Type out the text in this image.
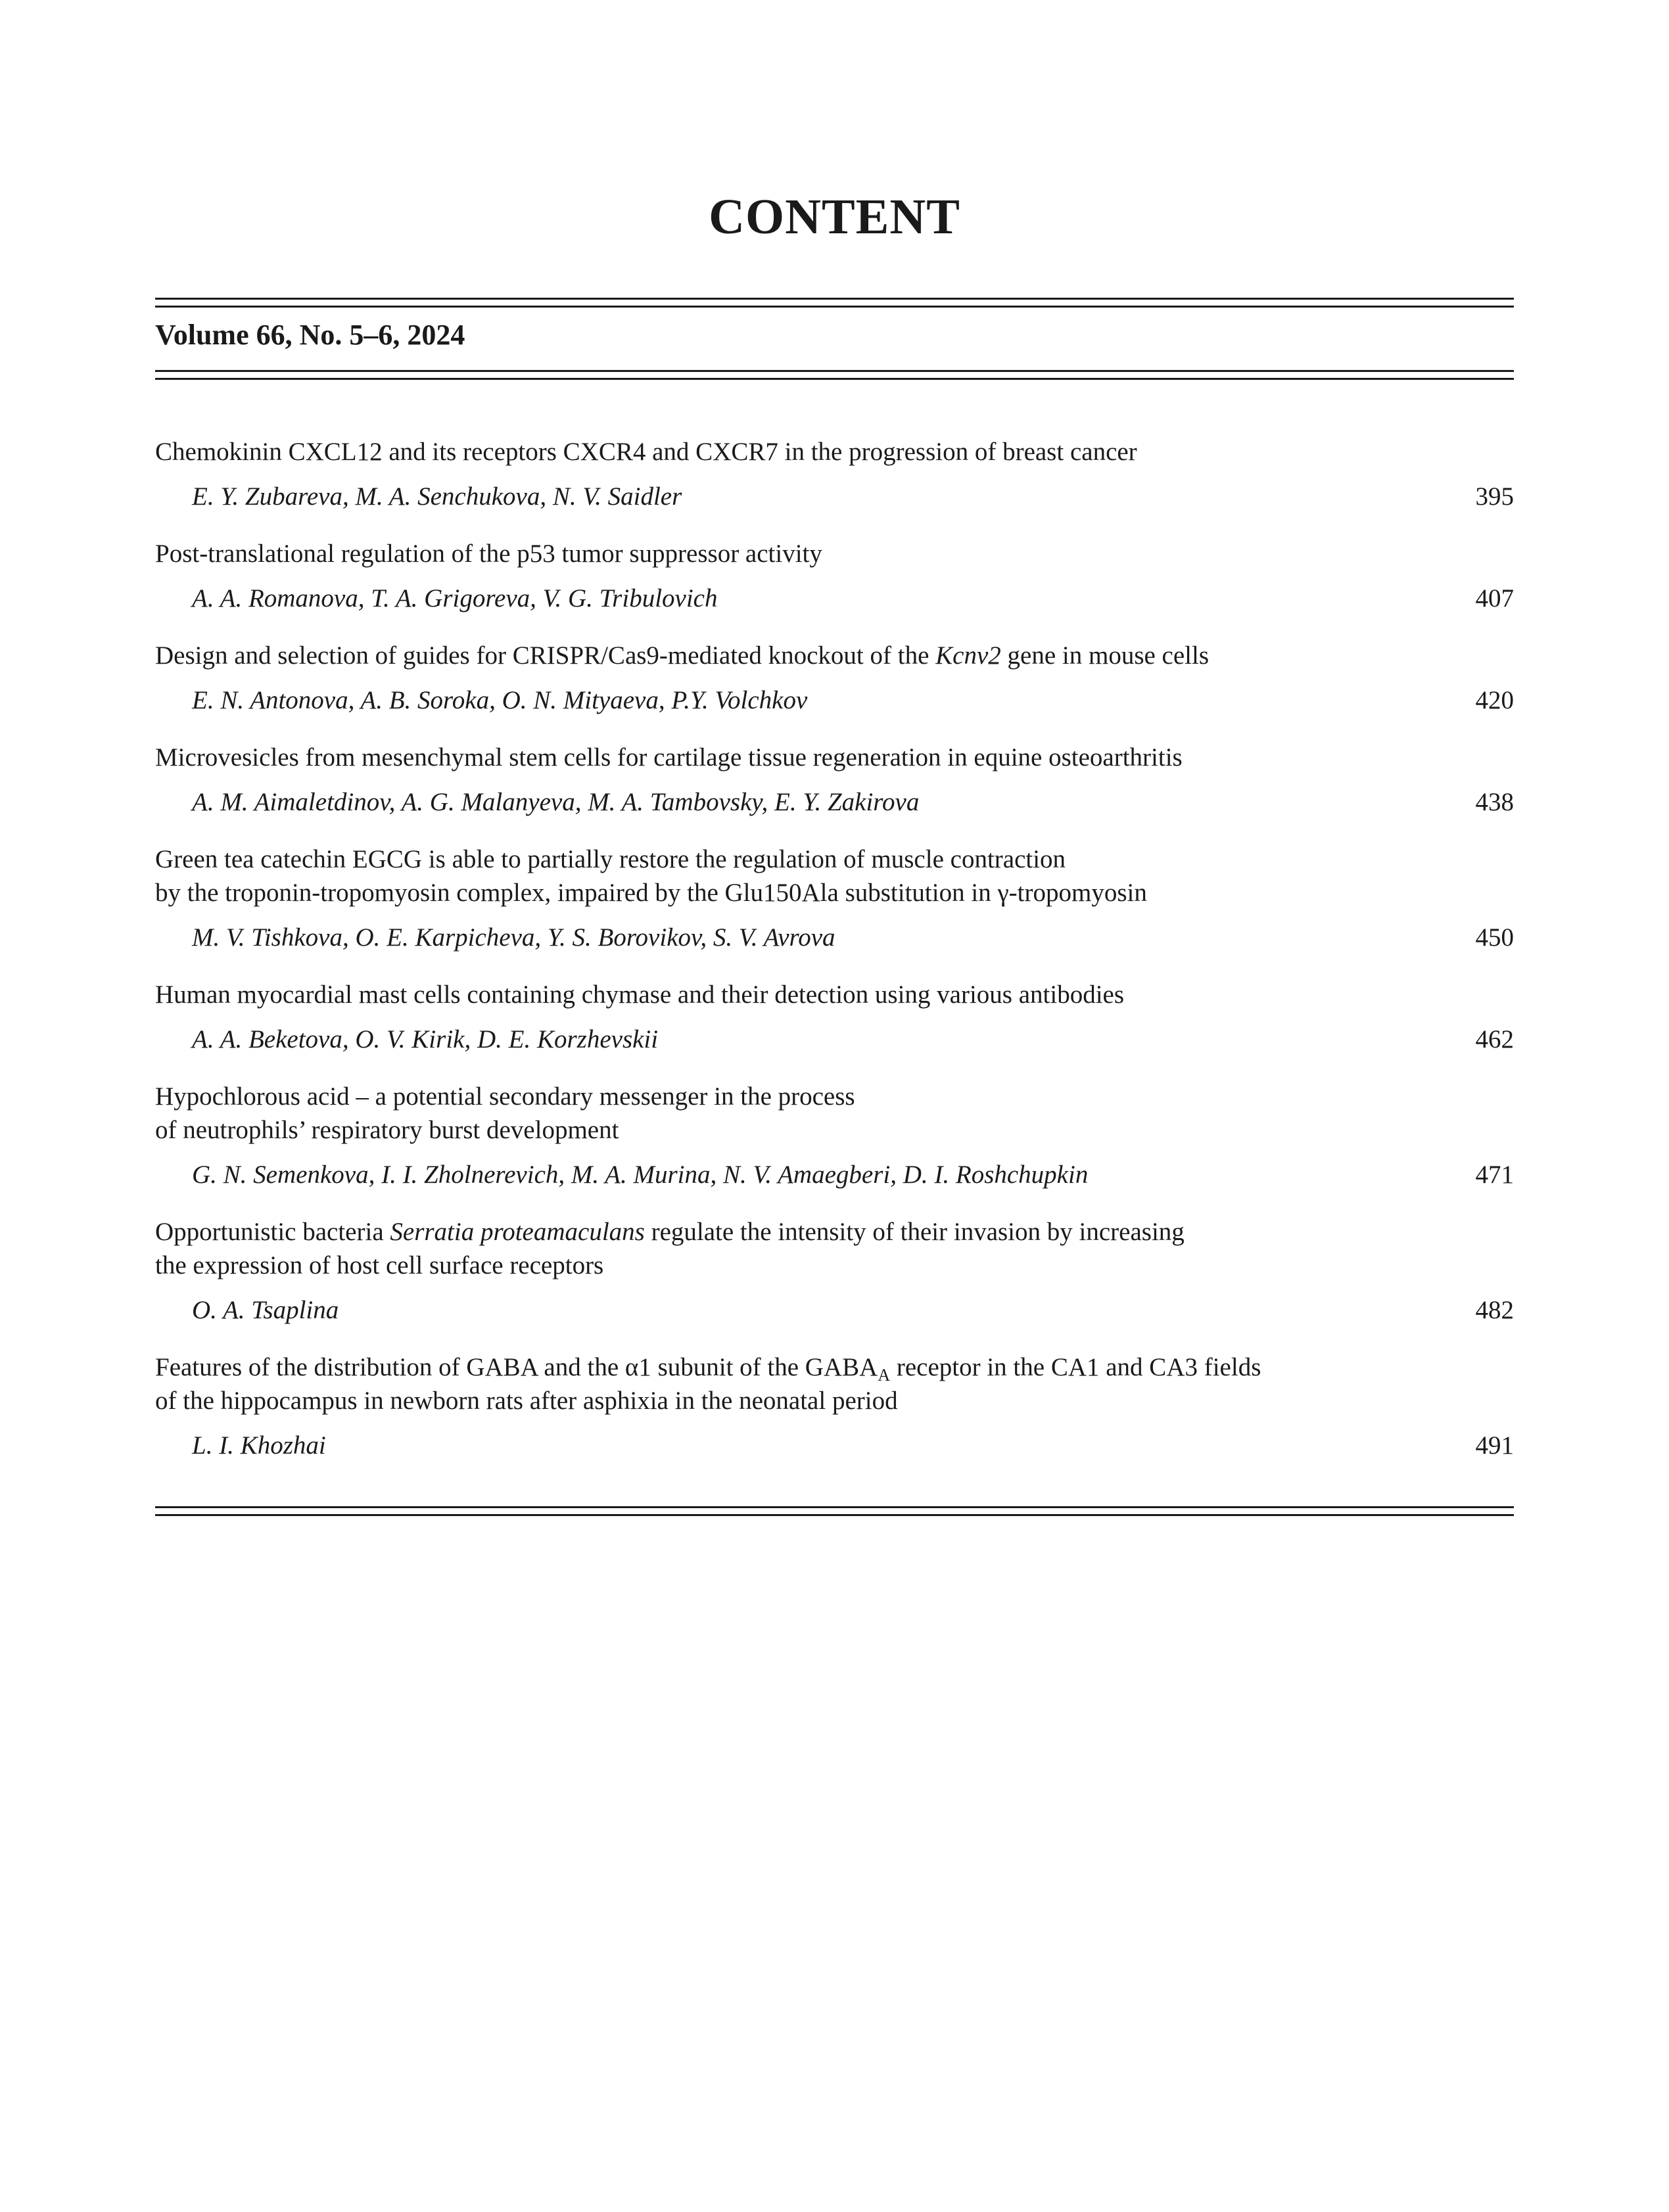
CONTENT
Volume 66, No. 5–6, 2024
Chemokinin CXCL12 and its receptors CXCR4 and CXCR7 in the progression of breast cancer
E. Y. Zubareva, M. A. Senchukova, N. V. Saidler	395
Post-translational regulation of the p53 tumor suppressor activity
A. A. Romanova, T. A. Grigoreva, V. G. Tribulovich	407
Design and selection of guides for CRISPR/Cas9-mediated knockout of the Kcnv2 gene in mouse cells
E. N. Antonova, A. B. Soroka, O. N. Mityaeva, P.Y. Volchkov	420
Microvesicles from mesenchymal stem cells for cartilage tissue regeneration in equine osteoarthritis
A. M. Aimaletdinov, A. G. Malanyeva, M. A. Tambovsky, E. Y. Zakirova	438
Green tea catechin EGCG is able to partially restore the regulation of muscle contraction
by the troponin-tropomyosin complex, impaired by the Glu150Ala substitution in γ-tropomyosin
M. V. Tishkova, O. E. Karpicheva, Y. S. Borovikov, S. V. Avrova	450
Human myocardial mast cells containing chymase and their detection using various antibodies
A. A. Beketova, O. V. Kirik, D. E. Korzhevskii	462
Hypochlorous acid – a potential secondary messenger in the process
of neutrophils’ respiratory burst development
G. N. Semenkova, I. I. Zholnerevich, M. A. Murina, N. V. Amaegberi, D. I. Roshchupkin	471
Opportunistic bacteria Serratia proteamaculans regulate the intensity of their invasion by increasing
the expression of host cell surface receptors
O. A. Tsaplina	482
Features of the distribution of GABA and the α1 subunit of the $GABA_A$ receptor in the CA1 and CA3 fields
of the hippocampus in newborn rats after asphixia in the neonatal period
L. I. Khozhai	491
